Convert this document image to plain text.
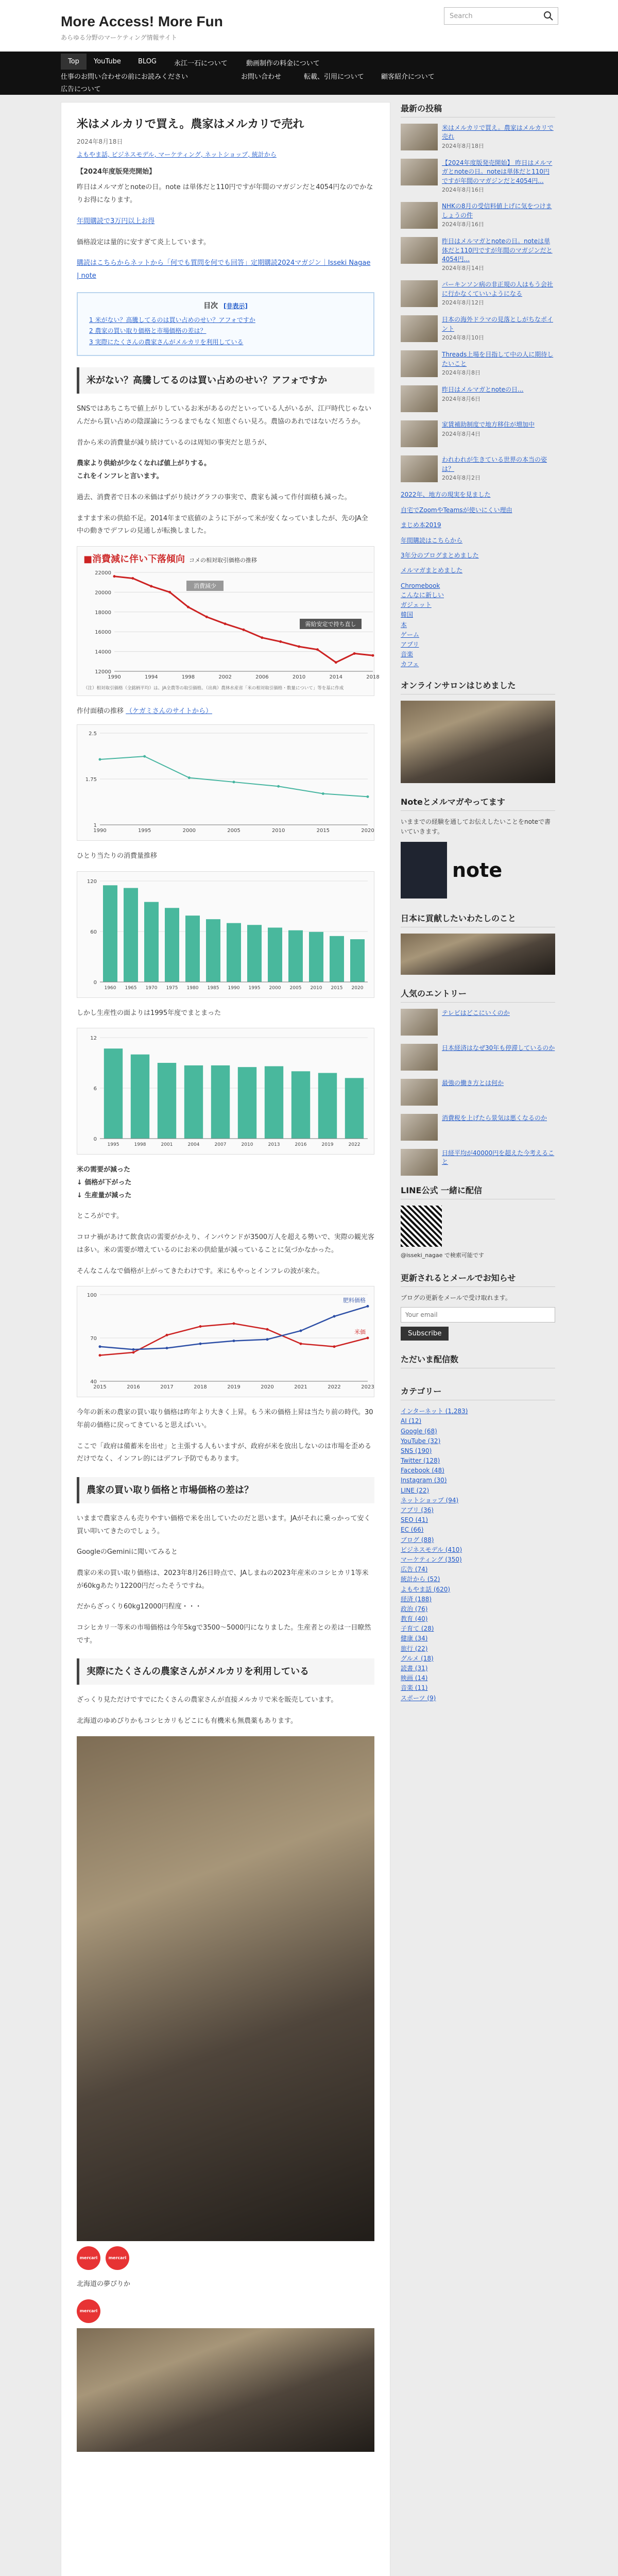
More Access! More Fun
あらゆる分野のマーケティング情報サイト
Search
Top	YouTube	BLOG	永江一石について	動画制作の料金について
仕事のお問い合わせの前にお読みください	お問い合わせ	転載、引用について	顧客紹介について
広告について
米はメルカリで買え。農家はメルカリで売れ
2024年8月18日
よもやま話, ビジネスモデル, マーケティング, ネットショップ, 統計から

【2024年度版発売開始】

昨日はメルマガとnoteの日。note は単体だと110円ですが年間のマガジンだと4054円なのでかなりお得になります。

年間購読で3万円以上お得

価格設定は量的に安すぎて炎上しています。

購読はこちらからネットから「何でも質問を何でも回答」定期購読2024マガジン｜Isseki Nagae | note

目次 [非表示]
1 米がない？高騰してるのは買い占めのせい？アフォですか
2 農家の買い取り価格と市場価格の差は？
3 実際にたくさんの農家さんがメルカリを利用している
米がない？高騰してるのは買い占めのせい？アフォですか

SNSではあちこちで値上がりしているお米があるのだといっている人がいるが、江戸時代じゃないんだから買い占めの陰謀論にうつるまでもなく知恵ぐらい見ろ。農協のあれではないだろうか。

昔から米の消費量が減り続けているのは周知の事実だと思うが、

農家より供給が少なくなれば値上がりする。

これをインフレと言います。

過去、消費者で日本の米価はずがり続けグラフの事実で、農家も減って作付面積も減った。

ますます米の供給不足。2014年まで底値のように下がって米が安くなっていましたが、先のJA全中の動きでデフレの見通しが転換しました。

■消費減に伴い下落傾向 コメの相対取引価格の推移
12000
14000
16000
18000
20000
22000
1990	1994	1998	2002	2006	2010	2014	2018
消費減少
需給安定で持ち直し
（注）相対取引価格（全銘柄平均）は、JA全農等の取引価格。（出典）農林水産省「米の相対取引価格・数量について」等を基に作成

作付面積の推移 （ケガミさんのサイトから）

1
1.75
2.5
1990	1995	2000	2005	2010	2015	2020

ひとり当たりの消費量推移

0
60
120
1960 1965 1970 1975 1980 1985 1990 1995 2000 2005 2010 2015 2020

しかし生産性の面よりは1995年度でまとまった

0
6
12
1995	1998	2001	2004	2007	2010	2013	2016	2019	2022

米の需要が減った

↓ 価格が下がった

↓ 生産量が減った

ところがです。

コロナ禍があけて飲食店の需要がかえり、インバウンドが3500万人を超える勢いで、実際の観光客は多い。米の需要が増えているのにお米の供給量が減っていることに気づかなかった。

そんなこんなで価格が上がってきたわけです。米にもやっとインフレの波が来た。

40
70
100
2015	2016	2017	2018	2019	2020	2021	2022	2023
米価
肥料価格

今年の新米の農家の買い取り価格は昨年より大きく上昇。もう米の価格上昇は当たり前の時代。30年前の価格に戻ってきていると思えばいい。

ここで「政府は備蓄米を出せ」と主張する人もいますが、政府が米を放出しないのは市場を歪めるだけでなく、インフレ的にはデフレ予防でもあります。

農家の買い取り価格と市場価格の差は？

いままで農家さんも売りやすい価格で米を出していたのだと思います。JAがそれに乗っかって安く買い叩いてきたのでしょう。

GoogleのGeminiに聞いてみると

農家の米の買い取り価格は、2023年8月26日時点で、JAしまねの2023年産米のコシヒカリ1等米が60kgあたり12200円だったそうですね。

だからざっくり60kg12000円程度・・・

コシヒカリ一等米の市場価格は今年5kgで3500〜5000円になりました。生産者との差は一目瞭然です。

実際にたくさんの農家さんがメルカリを利用している

ざっくり見ただけですでにたくさんの農家さんが直接メルカリで米を販売しています。

北海道のゆめぴりかもコシヒカリもどこにも有機米も無農薬もあります。

mercari	mercari

北海道の夢ぴりか

mercari
最新の投稿
米はメルカリで買え。農家はメルカリで売れ
2024年8月18日
【2024年度版発売開始】 昨日はメルマガとnoteの日。noteは単体だと110円ですが年間のマガジンだと4054円...
2024年8月16日
NHKの8月の受信料値上げに気をつけましょうの件
2024年8月16日
昨日はメルマガとnoteの日。noteは単体だと110円ですが年間のマガジンだと4054円...
2024年8月14日
パーキンソン病の非正規の人はもう会社に行かなくていいようになる
2024年8月12日
日本の海外ドラマの見落としがちなポイント
2024年8月10日
Threads上場を目指して中の人に期待したいこと
2024年8月8日
昨日はメルマガとnoteの日...
2024年8月6日
家賃補助制度で地方移住が増加中
2024年8月4日
われわれが生きている世界の本当の姿は？
2024年8月2日
2022年、地方の現実を見ました
自宅でZoomやTeamsが使いにくい理由
まじめ本2019
年間購読はこちらから
3年分のブログまとめました
メルマガまとめました
Chromebook
こんなに新しい
ガジェット
韓国
本
ゲーム
アプリ
音楽
カフェ
オンラインサロンはじめました
Noteとメルマガやってます

いままでの経験を通してお伝えしたいことをnoteで書いていきます。

note
日本に貢献したいわたしのこと
人気のエントリー
テレビはどこにいくのか
日本経済はなぜ30年も停滞しているのか
最強の働き方とは何か
消費税を上げたら景気は悪くなるのか
日経平均が40000円を超えた今考えること
LINE公式 一緒に配信
@isseki_nagae で検索可能です
更新されるとメールでお知らせ

ブログの更新をメールで受け取れます。

Your email Subscribe
ただいま配信数
カテゴリー
インターネット (1,283)
AI (12)
Google (68)
YouTube (32)
SNS (190)
Twitter (128)
Facebook (48)
Instagram (30)
LINE (22)
ネットショップ (94)
アプリ (36)
SEO (41)
EC (66)
ブログ (88)
ビジネスモデル (410)
マーケティング (350)
広告 (74)
統計から (52)
よもやま話 (620)
経済 (188)
政治 (76)
教育 (40)
子育て (28)
健康 (34)
旅行 (22)
グルメ (18)
読書 (31)
映画 (14)
音楽 (11)
スポーツ (9)
